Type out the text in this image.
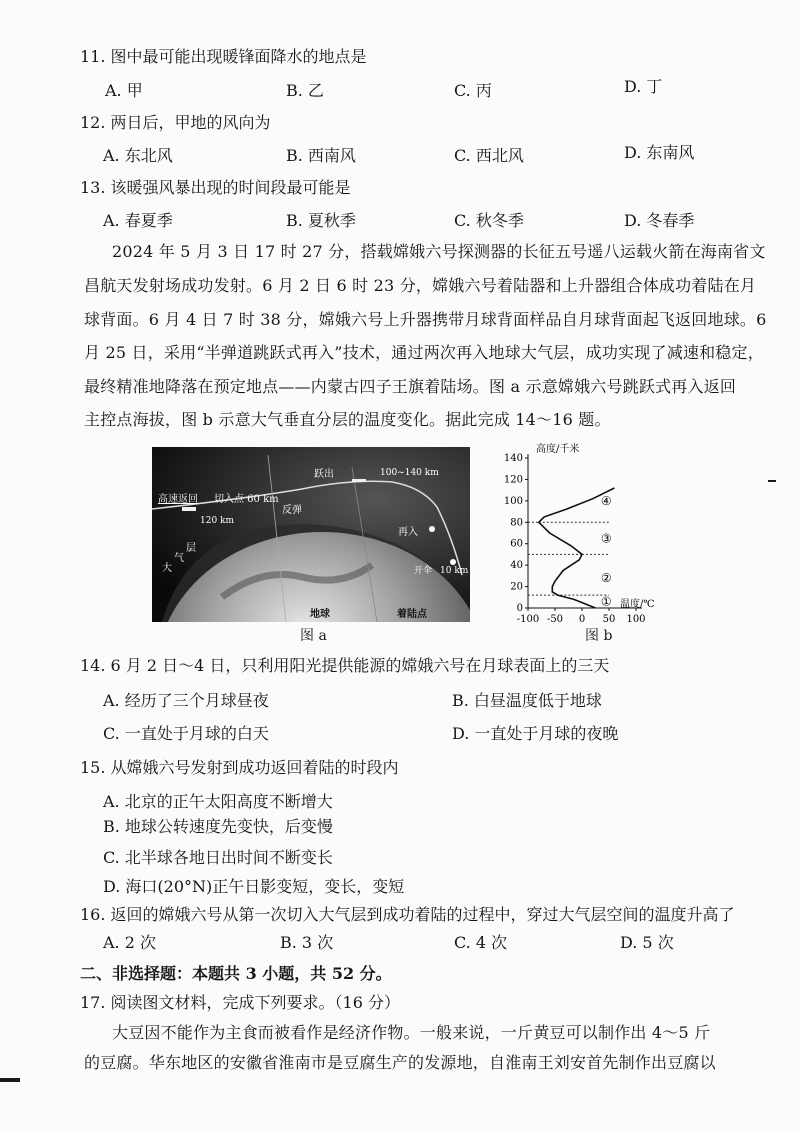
11. 图中最可能出现暖锋面降水的地点是
A. 甲	B. 乙	C. 丙	D. 丁
12. 两日后，甲地的风向为
A. 东北风	B. 西南风	C. 西北风	D. 东南风
13. 该暖强风暴出现的时间段最可能是
A. 春夏季	B. 夏秋季	C. 秋冬季	D. 冬春季
2024 年 5 月 3 日 17 时 27 分，搭载嫦娥六号探测器的长征五号遥八运载火箭在海南省文
昌航天发射场成功发射。6 月 2 日 6 时 23 分，嫦娥六号着陆器和上升器组合体成功着陆在月
球背面。6 月 4 日 7 时 38 分，嫦娥六号上升器携带月球背面样品自月球背面起飞返回地球。6
月 25 日，采用“半弹道跳跃式再入”技术，通过两次再入地球大气层，成功实现了减速和稳定，
最终精准地降落在预定地点——内蒙古四子王旗着陆场。图 a 示意嫦娥六号跳跃式再入返回
主控点海拔，图 b 示意大气垂直分层的温度变化。据此完成 14～16 题。
高速返回 切入点 60 km
跃出	100~140 km
120 km
反弹
再入
层
气
大	开伞 10 km
地球	着陆点
图 a
0
20
40
60
80
100
120
140
-100 -50 0 50 100
①
②
③
④
高度/千米
温度/℃
图 b
14. 6 月 2 日～4 日，只利用阳光提供能源的嫦娥六号在月球表面上的三天
A. 经历了三个月球昼夜	B. 白昼温度低于地球
C. 一直处于月球的白天	D. 一直处于月球的夜晚
15. 从嫦娥六号发射到成功返回着陆的时段内
A. 北京的正午太阳高度不断增大
B. 地球公转速度先变快，后变慢
C. 北半球各地日出时间不断变长
D. 海口(20°N)正午日影变短，变长，变短
16. 返回的嫦娥六号从第一次切入大气层到成功着陆的过程中，穿过大气层空间的温度升高了
A. 2 次	B. 3 次	C. 4 次	D. 5 次
二、非选择题：本题共 3 小题，共 52 分。
17. 阅读图文材料，完成下列要求。（16 分）
大豆因不能作为主食而被看作是经济作物。一般来说，一斤黄豆可以制作出 4～5 斤
的豆腐。华东地区的安徽省淮南市是豆腐生产的发源地，自淮南王刘安首先制作出豆腐以
